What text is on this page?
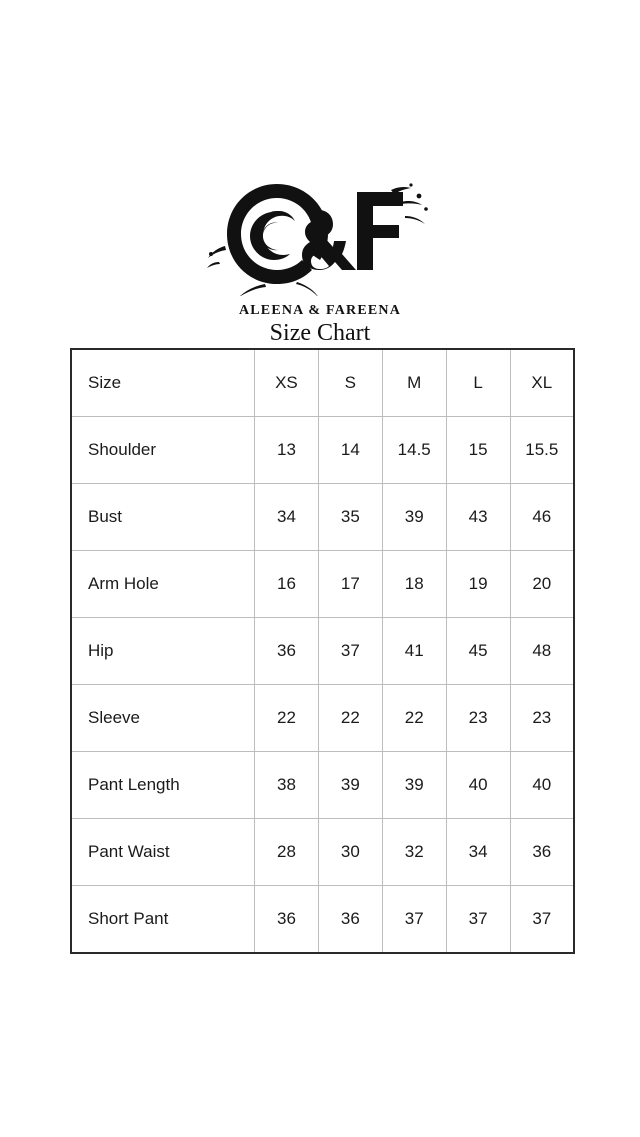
ALEENA & FAREENA
Size Chart
Size	XS	S	M	L	XL
Shoulder	13	14	14.5	15	15.5
Bust	34	35	39	43	46
Arm Hole	16	17	18	19	20
Hip	36	37	41	45	48
Sleeve	22	22	22	23	23
Pant Length	38	39	39	40	40
Pant Waist	28	30	32	34	36
Short Pant	36	36	37	37	37
